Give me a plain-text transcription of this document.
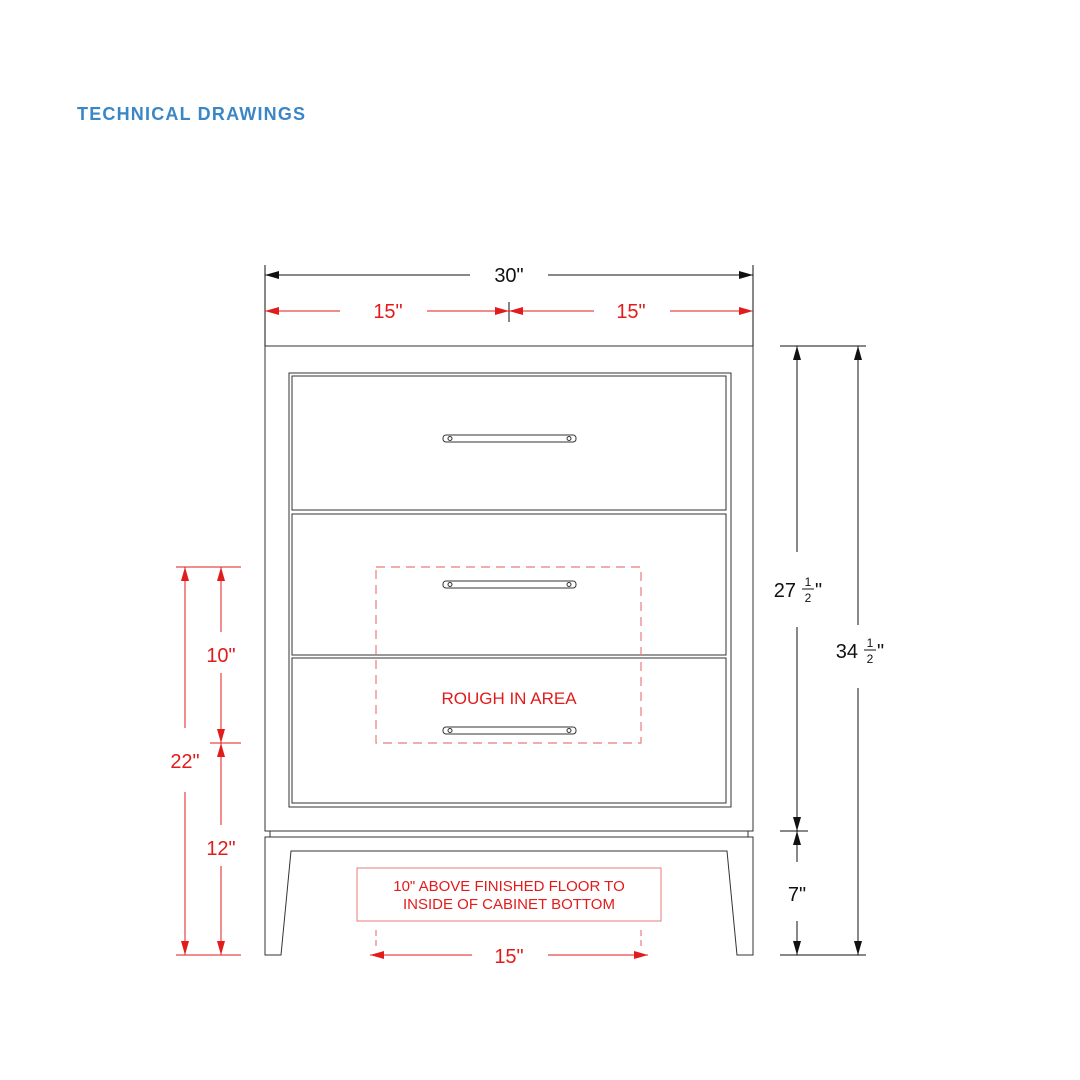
TECHNICAL DRAWINGS
ROUGH IN AREA
10" ABOVE FINISHED FLOOR TO
INSIDE OF CABINET BOTTOM
30"
15"	15"
27 1
2 "
34 1
2 "
7"
22"
10"
12"
15"
